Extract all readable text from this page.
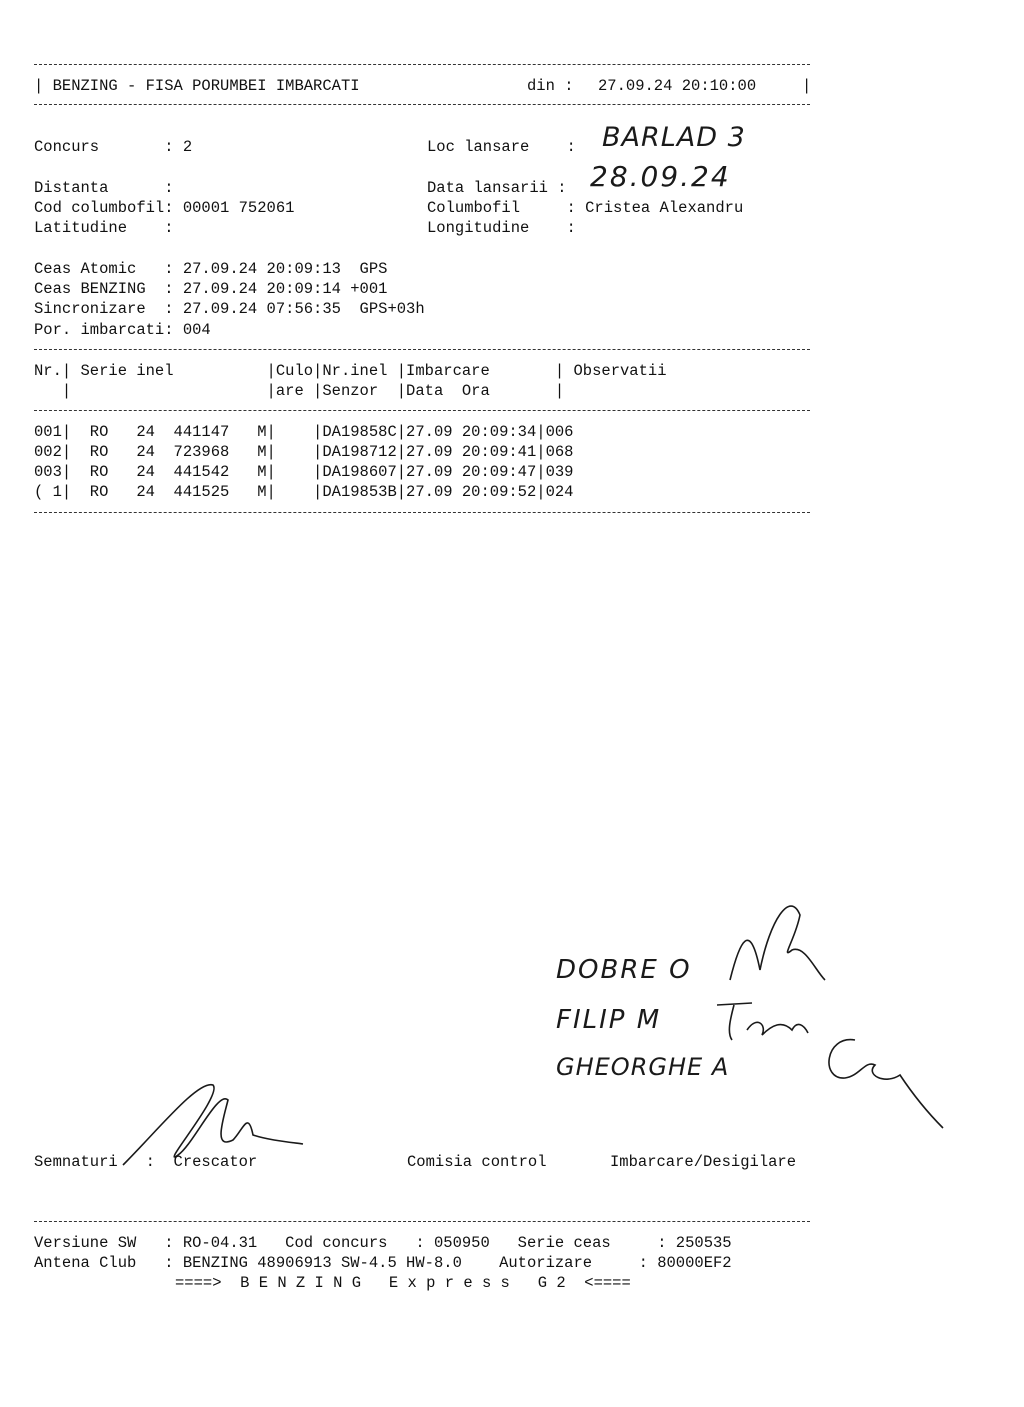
| BENZING - FISA PORUMBEI IMBARCATI	din : 27.09.24 20:10:00	|
Concurs       : 2	Loc lansare    : BARLAD 3
Distanta      :	Data lansarii : 28.09.24
Cod columbofil: 00001 752061	Columbofil     : Cristea Alexandru
Latitudine    :	Longitudine    :
Ceas Atomic   : 27.09.24 20:09:13  GPS
Ceas BENZING  : 27.09.24 20:09:14 +001
Sincronizare  : 27.09.24 07:56:35  GPS+03h
Por. imbarcati: 004
Nr.| Serie inel          |Culo|Nr.inel |Imbarcare       | Observatii
|                     |are |Senzor  |Data  Ora       |
001|  RO   24  441147   M|    |DA19858C|27.09 20:09:34|006
002|  RO   24  723968   M|    |DA198712|27.09 20:09:41|068
003|  RO   24  441542   M|    |DA198607|27.09 20:09:47|039
( 1|  RO   24  441525   M|    |DA19853B|27.09 20:09:52|024
DOBRE O
FILIP M
GHEORGHE A
Semnaturi   :  Crescator	Comisia control	Imbarcare/Desigilare
Versiune SW   : RO-04.31   Cod concurs   : 050950   Serie ceas     : 250535
Antena Club   : BENZING 48906913 SW-4.5 HW-8.0    Autorizare     : 80000EF2
====>  B E N Z I N G   E x p r e s s   G 2  <====
